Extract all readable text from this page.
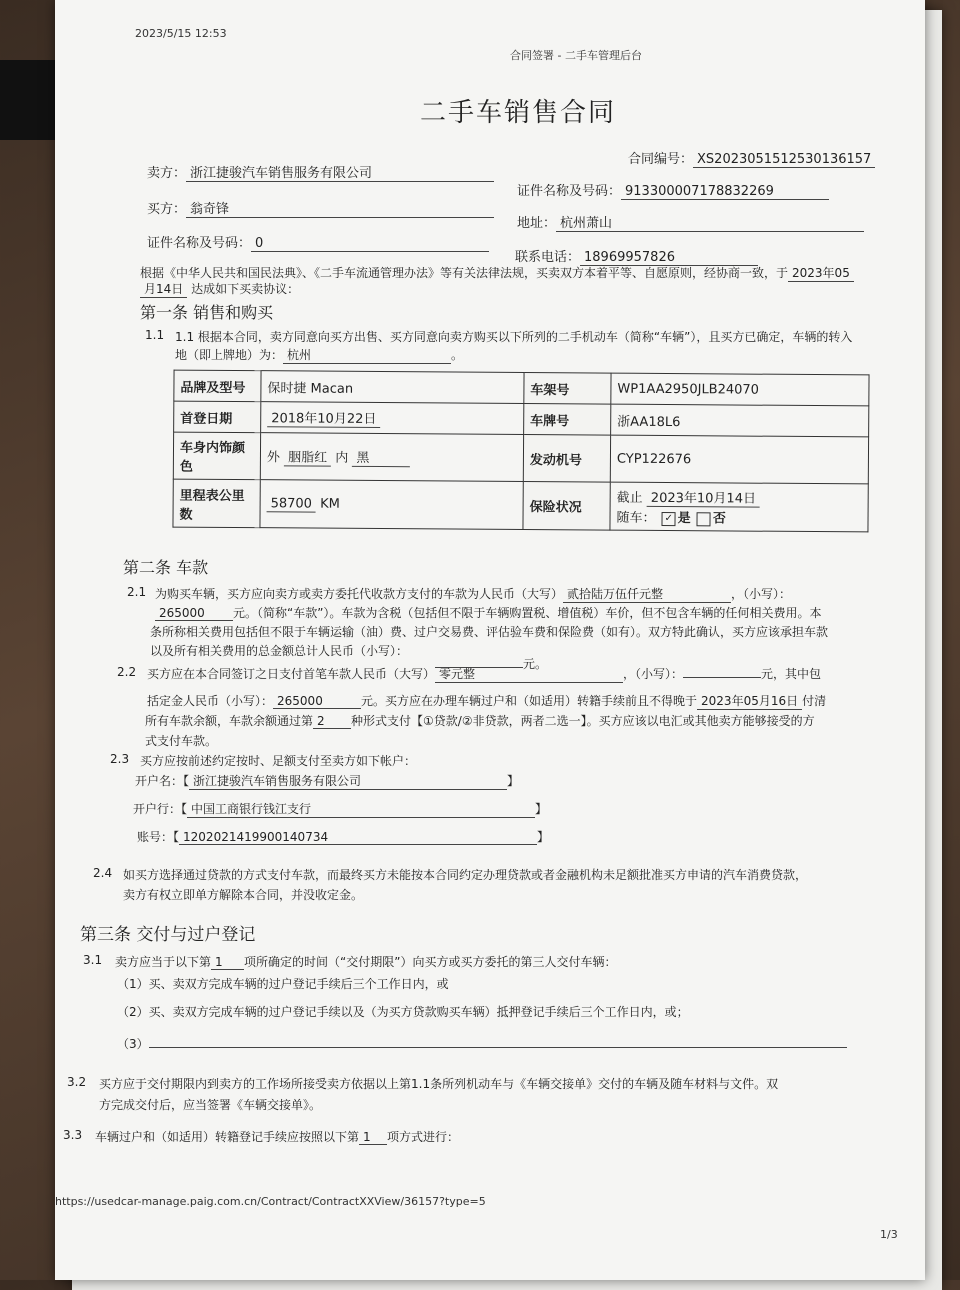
2023/5/15 12:53
合同签署 - 二手车管理后台
二手车销售合同
合同编号： XS2023051512530136157
卖方： 浙江捷骏汽车销售服务有限公司
证件名称及号码： 913300007178832269
买方： 翁奇锋
地址： 杭州萧山
证件名称及号码： 0
联系电话： 18969957826
根据《中华人民共和国民法典》、《二手车流通管理办法》等有关法律法规，买卖双方本着平等、自愿原则，经协商一致，于 2023年05
月14日 达成如下买卖协议：
第一条 销售和购买
1.1 1.1 根据本合同，卖方同意向买方出售、买方同意向卖方购买以下所列的二手机动车（简称“车辆”），且买方已确定，车辆的转入
地（即上牌地）为： 杭州	。
品牌及型号	保时捷 Macan	车架号	WP1AA2950JLB24070
首登日期	2018年10月22日	车牌号	浙AA18L6
车身内饰颜色	外 胭脂红 内 黑	发动机号	CYP122676
里程表公里数	58700 KM	保险状况	截止 2023年10月14日
随车： ✓ 是 否
第二条 车款
2.1 为购买车辆，买方应向卖方或卖方委托代收款方支付的车款为人民币（大写） 贰拾陆万伍仟元整	，（小写）：
265000 元。（简称“车款”）。车款为含税（包括但不限于车辆购置税、增值税）车价，但不包含车辆的任何相关费用。本
条所称相关费用包括但不限于车辆运输（油）费、过户交易费、评估验车费和保险费（如有）。双方特此确认，买方应该承担车款
以及所有相关费用的总金额总计人民币（小写）：
元。
2.2 买方应在本合同签订之日支付首笔车款人民币（大写） 零元整	，（小写）：	元，其中包
括定金人民币（小写）： 265000	元。买方应在办理车辆过户和（如适用）转籍手续前且不得晚于 2023年05月16日 付清
所有车款余额，车款余额通过第 2 种形式支付【①贷款/②非贷款，两者二选一】。买方应该以电汇或其他卖方能够接受的方
式支付车款。
2.3 买方应按前述约定按时、足额支付至卖方如下帐户：
开户名：【 浙江捷骏汽车销售服务有限公司	】
开户行：【 中国工商银行钱江支行	】
账号：【 1202021419900140734	】
2.4 如买方选择通过贷款的方式支付车款，而最终买方未能按本合同约定办理贷款或者金融机构未足额批准买方申请的汽车消费贷款，
卖方有权立即单方解除本合同，并没收定金。
第三条 交付与过户登记
3.1 卖方应当于以下第 1 项所确定的时间（“交付期限”）向买方或买方委托的第三人交付车辆：
（1）买、卖双方完成车辆的过户登记手续后三个工作日内，或
（2）买、卖双方完成车辆的过户登记手续以及（为买方贷款购买车辆）抵押登记手续后三个工作日内，或；
（3）
3.2 买方应于交付期限内到卖方的工作场所接受卖方依据以上第1.1条所列机动车与《车辆交接单》交付的车辆及随车材料与文件。双
方完成交付后，应当签署《车辆交接单》。
3.3 车辆过户和（如适用）转籍登记手续应按照以下第 1 项方式进行：
https://usedcar-manage.paig.com.cn/Contract/ContractXXView/36157?type=5
1/3
